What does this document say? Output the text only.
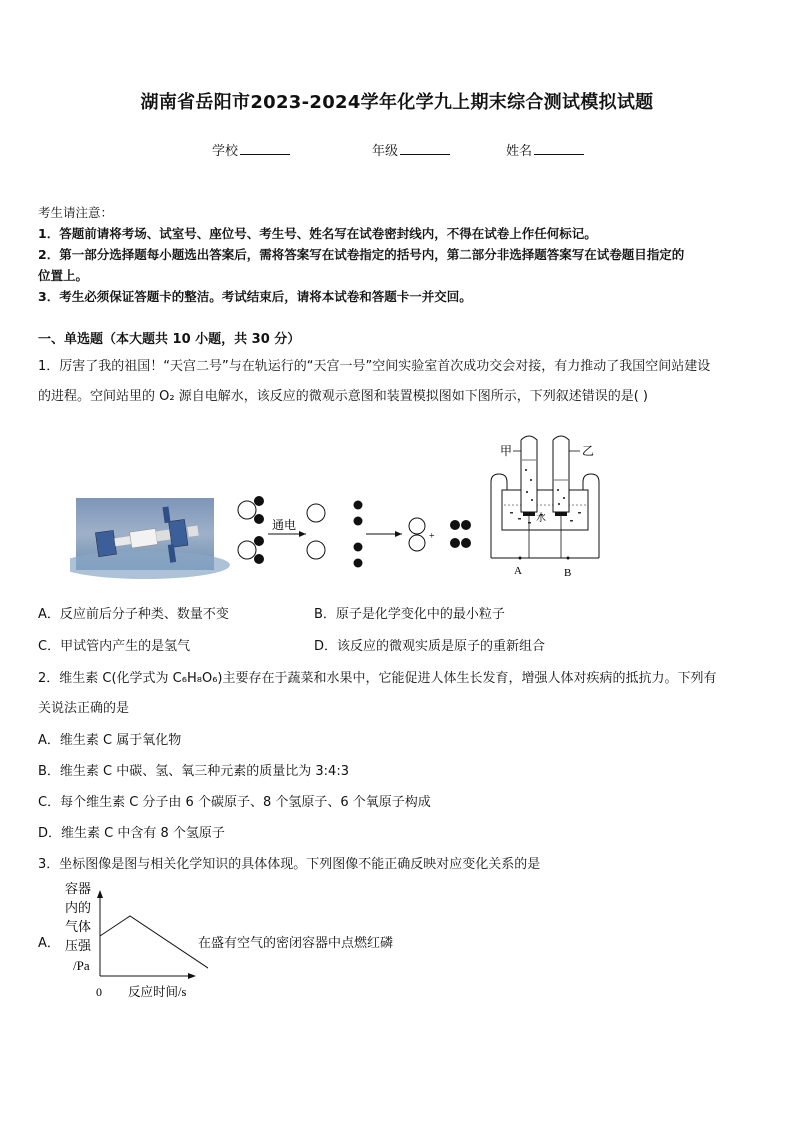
湖南省岳阳市2023-2024学年化学九上期末综合测试模拟试题
学校	年级	姓名
考生请注意：
1．答题前请将考场、试室号、座位号、考生号、姓名写在试卷密封线内，不得在试卷上作任何标记。
2．第一部分选择题每小题选出答案后，需将答案写在试卷指定的括号内，第二部分非选择题答案写在试卷题目指定的
位置上。
3．考生必须保证答题卡的整洁。考试结束后，请将本试卷和答题卡一并交回。
一、单选题（本大题共 10 小题，共 30 分）
1．厉害了我的祖国！“天宫二号”与在轨运行的“天宫一号”空间实验室首次成功交会对接，有力推动了我国空间站建设
的进程。空间站里的 O₂ 源自电解水，该反应的微观示意图和装置模拟图如下图所示，下列叙述错误的是( )
通电
+
甲	乙
水
A	B
A．反应前后分子种类、数量不变	B．原子是化学变化中的最小粒子
C．甲试管内产生的是氢气	D．该反应的微观实质是原子的重新组合
2．维生素 C(化学式为 C₆H₈O₆)主要存在于蔬菜和水果中，它能促进人体生长发育，增强人体对疾病的抵抗力。下列有
关说法正确的是
A．维生素 C 属于氧化物
B．维生素 C 中碳、氢、氧三种元素的质量比为 3:4:3
C．每个维生素 C 分子由 6 个碳原子、8 个氢原子、6 个氧原子构成
D．维生素 C 中含有 8 个氢原子
3．坐标图像是图与相关化学知识的具体体现。下列图像不能正确反映对应变化关系的是
A．
容器
内的
气体
压强
/Pa
0 反应时间/s
在盛有空气的密闭容器中点燃红磷
